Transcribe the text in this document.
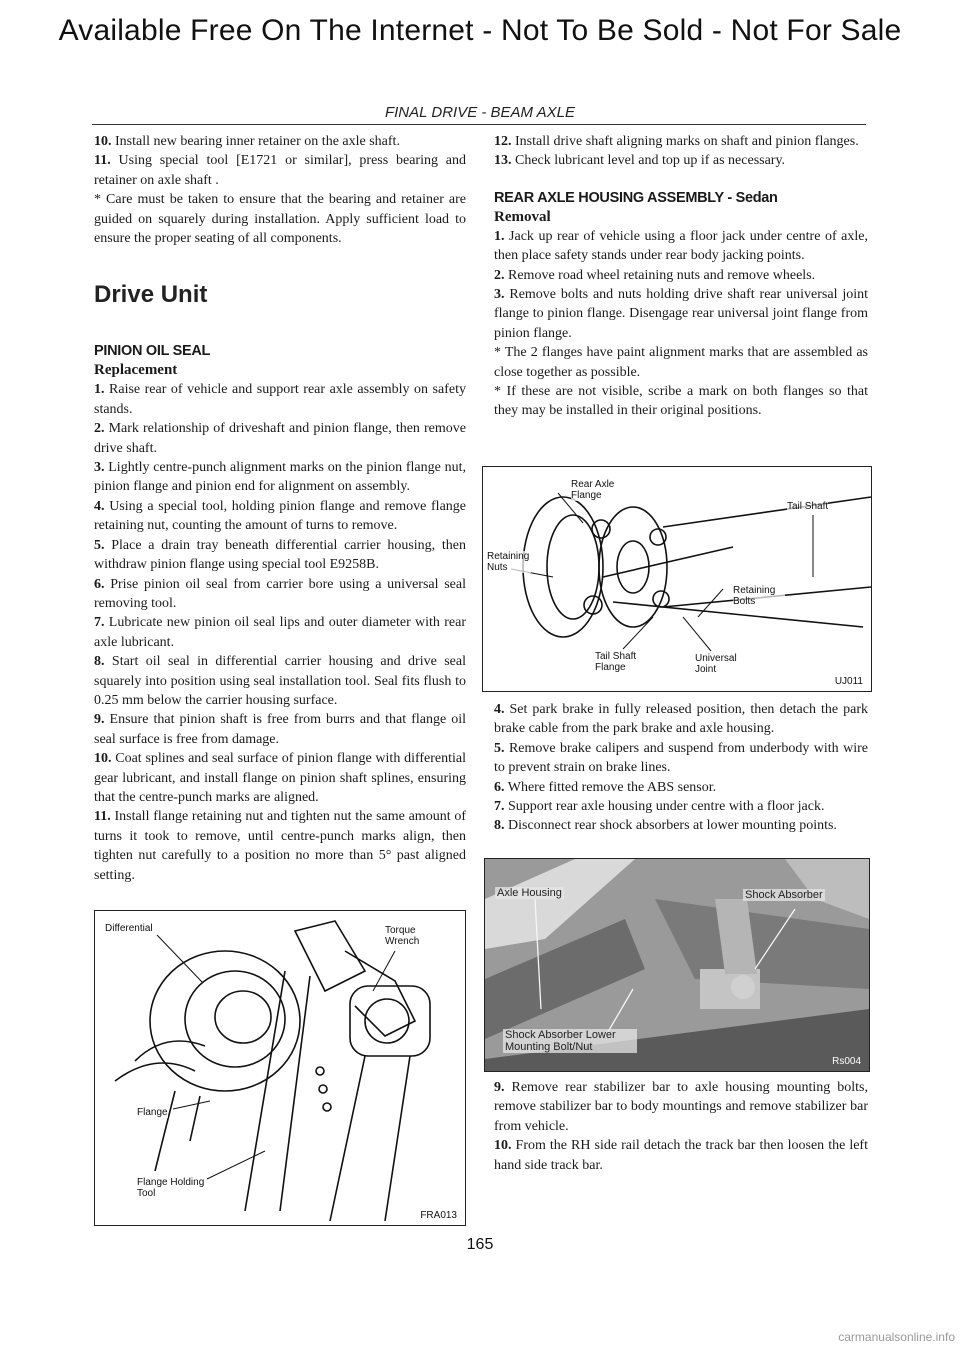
Available Free On The Internet - Not To Be Sold - Not For Sale
FINAL DRIVE - BEAM AXLE

10. Install new bearing inner retainer on the axle shaft.

11. Using special tool [E1721 or similar], press bearing and retainer on axle shaft .

* Care must be taken to ensure that the bearing and retainer are guided on squarely during installation. Apply sufficient load to ensure the proper seating of all components.

Drive Unit

PINION OIL SEAL

Replacement

1. Raise rear of vehicle and support rear axle assembly on safety stands.

2. Mark relationship of driveshaft and pinion flange, then remove drive shaft.

3. Lightly centre-punch alignment marks on the pinion flange nut, pinion flange and pinion end for alignment on assembly.

4. Using a special tool, holding pinion flange and remove flange retaining nut, counting the amount of turns to remove.

5. Place a drain tray beneath differential carrier housing, then withdraw pinion flange using special tool E9258B.

6. Prise pinion oil seal from carrier bore using a universal seal removing tool.

7. Lubricate new pinion oil seal lips and outer diameter with rear axle lubricant.

8. Start oil seal in differential carrier housing and drive seal squarely into position using seal installation tool. Seal fits flush to 0.25 mm below the carrier housing surface.

9. Ensure that pinion shaft is free from burrs and that flange oil seal surface is free from damage.

10. Coat splines and seal surface of pinion flange with differential gear lubricant, and install flange on pinion shaft splines, ensuring that the centre-punch marks are aligned.

11. Install flange retaining nut and tighten nut the same amount of turns it took to remove, until centre-punch marks align, then tighten nut carefully to a position no more than 5° past aligned setting.

Differential	Torque Wrench
Flange
Flange Holding Tool
FRA013

12. Install drive shaft aligning marks on shaft and pinion flanges.

13. Check lubricant level and top up if as necessary.

REAR AXLE HOUSING ASSEMBLY - Sedan

Removal

1. Jack up rear of vehicle using a floor jack under centre of axle, then place safety stands under rear body jacking points.

2. Remove road wheel retaining nuts and remove wheels.

3. Remove bolts and nuts holding drive shaft rear universal joint flange to pinion flange. Disengage rear universal joint flange from pinion flange.

* The 2 flanges have paint alignment marks that are assembled as close together as possible.

* If these are not visible, scribe a mark on both flanges so that they may be installed in their original positions.

Rear Axle Flange
Tail Shaft
Retaining Nuts
Retaining Bolts
Tail Shaft Flange
Universal Joint
UJ011

4. Set park brake in fully released position, then detach the park brake cable from the park brake and axle housing.

5. Remove brake calipers and suspend from underbody with wire to prevent strain on brake lines.

6. Where fitted remove the ABS sensor.

7. Support rear axle housing under centre with a floor jack.

8. Disconnect rear shock absorbers at lower mounting points.

Axle Housing	Shock Absorber
Shock Absorber Lower Mounting Bolt/Nut
Rs004

9. Remove rear stabilizer bar to axle housing mounting bolts, remove stabilizer bar to body mountings and remove stabilizer bar from vehicle.

10. From the RH side rail detach the track bar then loosen the left hand side track bar.

165
carmanualsonline.info
